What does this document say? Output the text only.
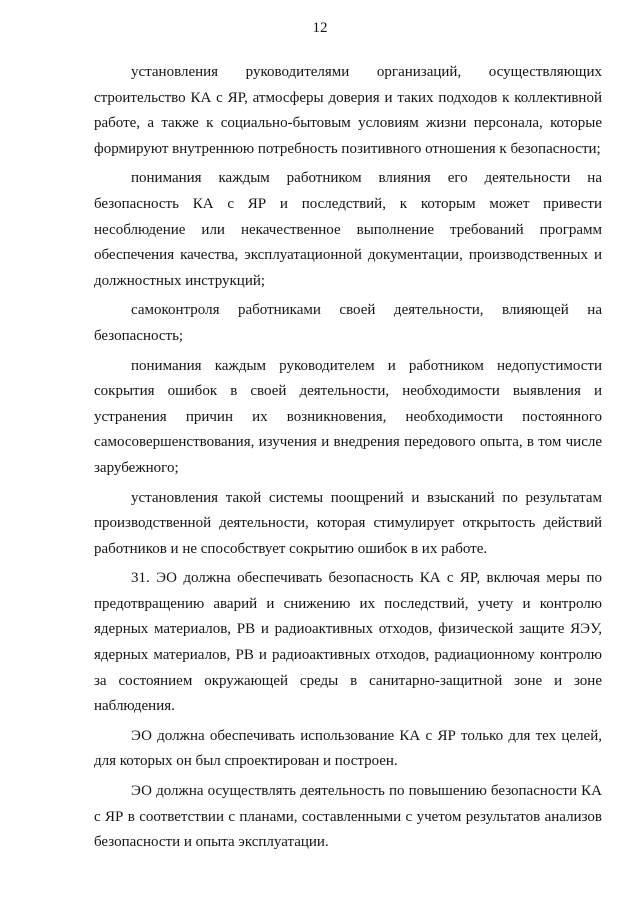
12

установления руководителями организаций, осуществляющих строительство КА с ЯР, атмосферы доверия и таких подходов к коллективной работе, а также к социально-бытовым условиям жизни персонала, которые формируют внутреннюю потребность позитивного отношения к безопасности;

понимания каждым работником влияния его деятельности на безопасность КА с ЯР и последствий, к которым может привести несоблюдение или некачественное выполнение требований программ обеспечения качества, эксплуатационной документации, производственных и должностных инструкций;

самоконтроля работниками своей деятельности, влияющей на безопасность;

понимания каждым руководителем и работником недопустимости сокрытия ошибок в своей деятельности, необходимости выявления и устранения причин их возникновения, необходимости постоянного самосовершенствования, изучения и внедрения передового опыта, в том числе зарубежного;

установления такой системы поощрений и взысканий по результатам производственной деятельности, которая стимулирует открытость действий работников и не способствует сокрытию ошибок в их работе.

31. ЭО должна обеспечивать безопасность КА с ЯР, включая меры по предотвращению аварий и снижению их последствий, учету и контролю ядерных материалов, РВ и радиоактивных отходов, физической защите ЯЭУ, ядерных материалов, РВ и радиоактивных отходов, радиационному контролю за состоянием окружающей среды в санитарно-защитной зоне и зоне наблюдения.

ЭО должна обеспечивать использование КА с ЯР только для тех целей, для которых он был спроектирован и построен.

ЭО должна осуществлять деятельность по повышению безопасности КА с ЯР в соответствии с планами, составленными с учетом результатов анализов безопасности и опыта эксплуатации.
